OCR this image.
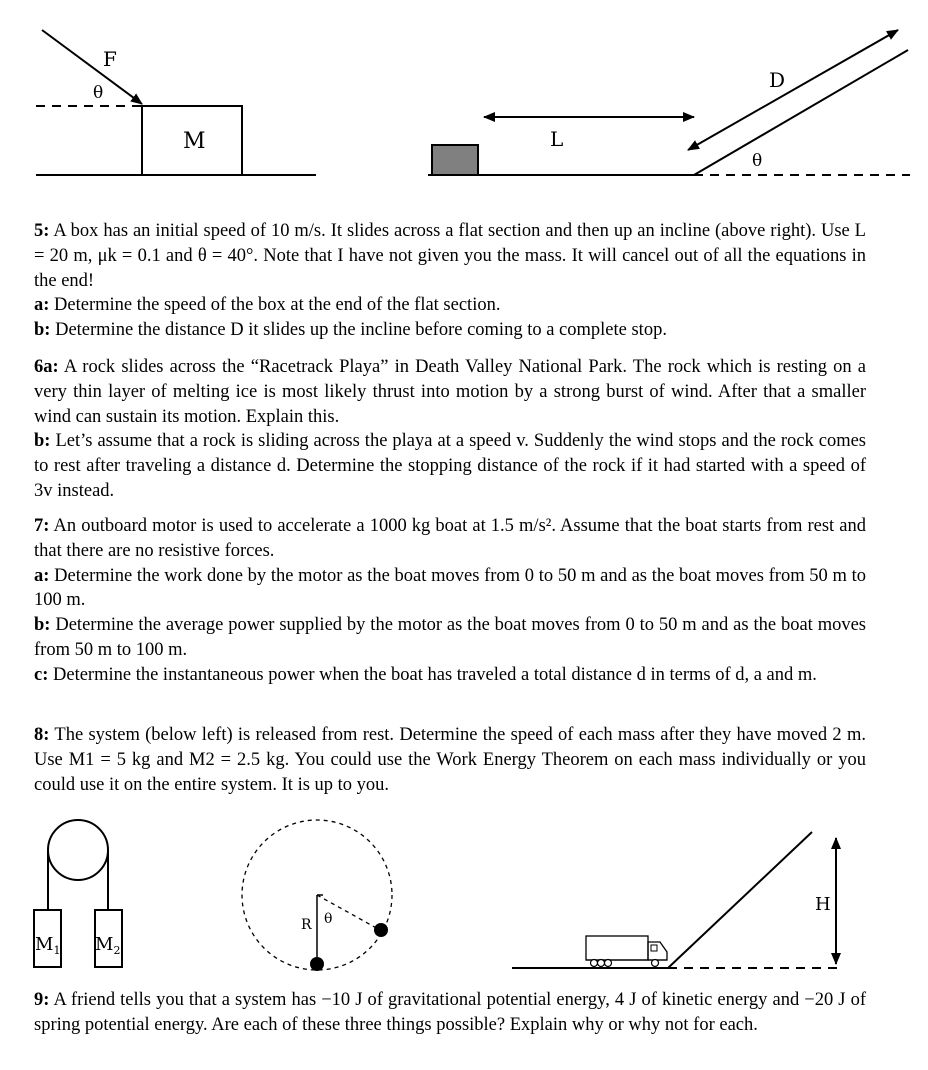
F
θ
M	L
D
θ

5: A box has an initial speed of 10 m/s. It slides across a flat section and then up an incline (above right). Use L = 20 m, μk = 0.1 and θ = 40°. Note that I have not given you the mass. It will cancel out of all the equations in the end!

a: Determine the speed of the box at the end of the flat section.

b: Determine the distance D it slides up the incline before coming to a complete stop.

6a: A rock slides across the “Racetrack Playa” in Death Valley National Park. The rock which is resting on a very thin layer of melting ice is most likely thrust into motion by a strong burst of wind. After that a smaller wind can sustain its motion. Explain this.

b: Let’s assume that a rock is sliding across the playa at a speed v. Suddenly the wind stops and the rock comes to rest after traveling a distance d. Determine the stopping distance of the rock if it had started with a speed of 3v instead.

7: An outboard motor is used to accelerate a 1000 kg boat at 1.5 m/s². Assume that the boat starts from rest and that there are no resistive forces.

a: Determine the work done by the motor as the boat moves from 0 to 50 m and as the boat moves from 50 m to 100 m.

b: Determine the average power supplied by the motor as the boat moves from 0 to 50 m and as the boat moves from 50 m to 100 m.

c: Determine the instantaneous power when the boat has traveled a total distance d in terms of d, a and m.

8: The system (below left) is released from rest. Determine the speed of each mass after they have moved 2 m. Use M1 = 5 kg and M2 = 2.5 kg. You could use the Work Energy Theorem on each mass individually or you could use it on the entire system. It is up to you.

$M_1$ $M_2$
R θ
H

9: A friend tells you that a system has −10 J of gravitational potential energy, 4 J of kinetic energy and −20 J of spring potential energy. Are each of these three things possible? Explain why or why not for each.
